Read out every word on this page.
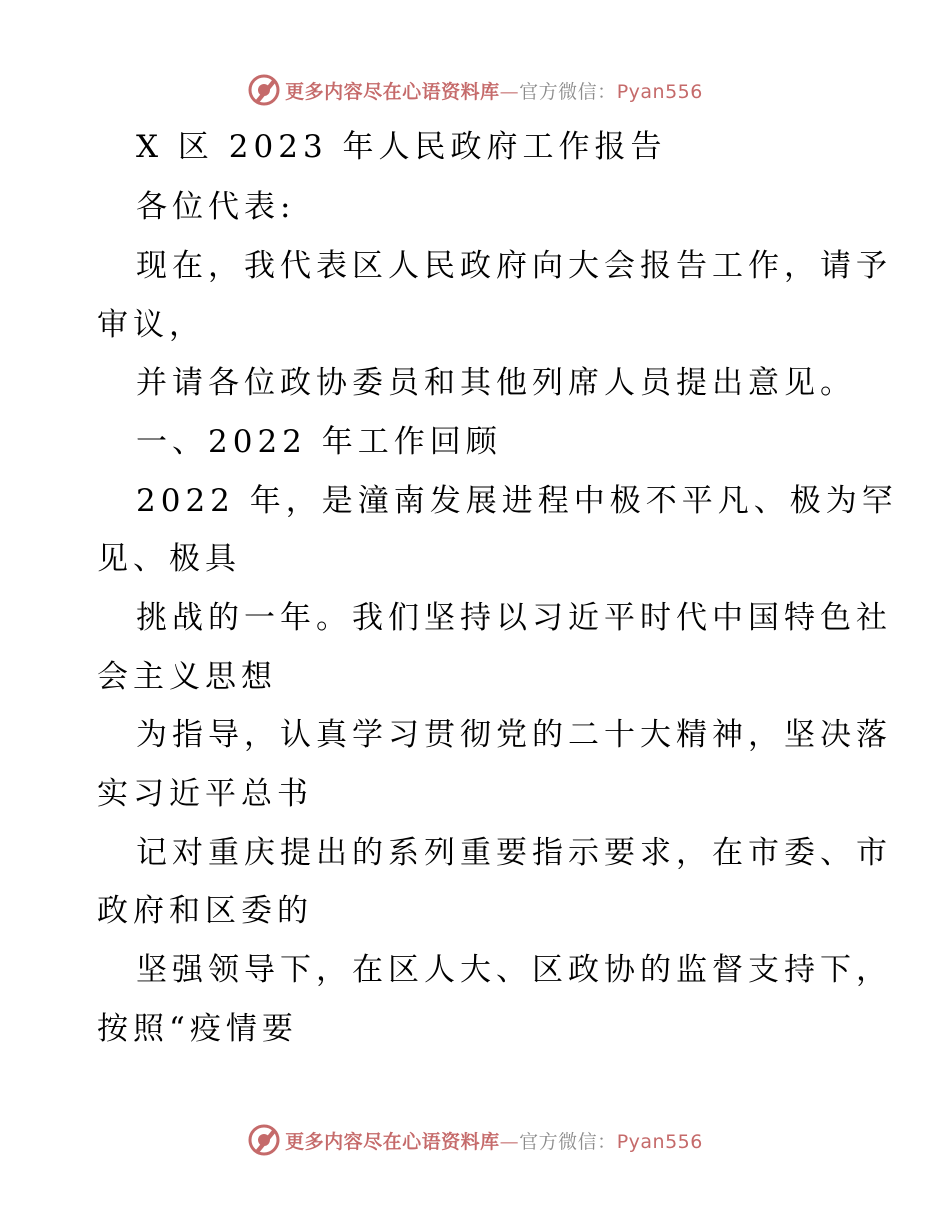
更多内容尽在心语资料库—官方微信：Pyan556
X 区 2023 年人民政府工作报告
各位代表:
现在，我代表区人民政府向大会报告工作，请予
审议，
并请各位政协委员和其他列席人员提出意见。
一、2022 年工作回顾
2022 年，是潼南发展进程中极不平凡、极为罕
见、极具
挑战的一年。我们坚持以习近平时代中国特色社
会主义思想
为指导，认真学习贯彻党的二十大精神，坚决落
实习近平总书
记对重庆提出的系列重要指示要求，在市委、市
政府和区委的
坚强领导下，在区人大、区政协的监督支持下，
按照“疫情要
更多内容尽在心语资料库—官方微信：Pyan556
